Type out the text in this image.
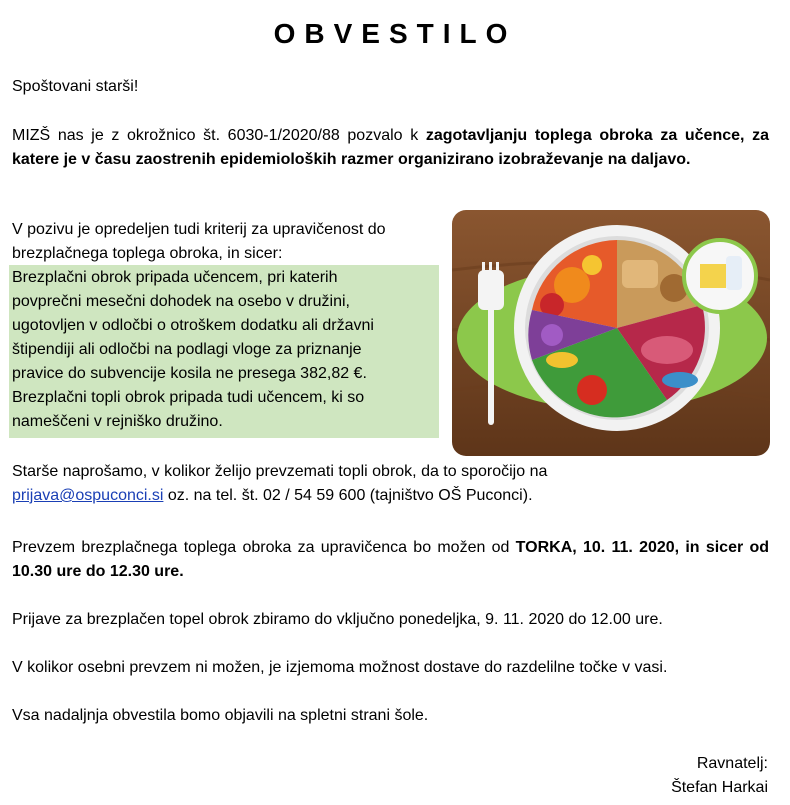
OBVESTILO

Spoštovani starši!

MIZŠ nas je z okrožnico št. 6030-1/2020/88 pozvalo k zagotavljanju toplega obroka za učence, za katere je v času zaostrenih epidemioloških razmer organizirano izobraževanje na daljavo.

V pozivu je opredeljen tudi kriterij za upravičenost do
brezplačnega toplega obroka, in sicer:
Brezplačni obrok pripada učencem, pri katerih
povprečni mesečni dohodek na osebo v družini,
ugotovljen v odločbi o otroškem dodatku ali državni
štipendiji ali odločbi na podlagi vloge za priznanje
pravice do subvencije kosila ne presega 382,82 €.
Brezplačni topli obrok pripada tudi učencem, ki so
nameščeni v rejniško družino.

Starše naprošamo, v kolikor želijo prevzemati topli obrok, da to sporočijo na

prijava@ospuconci.si oz. na tel. št. 02 / 54 59 600 (tajništvo OŠ Puconci).

Prevzem brezplačnega toplega obroka za upravičenca bo možen od TORKA, 10. 11. 2020, in sicer od 10.30 ure do 12.30 ure.

Prijave za brezplačen topel obrok zbiramo do vključno ponedeljka, 9. 11. 2020 do 12.00 ure.

V kolikor osebni prevzem ni možen, je izjemoma možnost dostave do razdelilne točke v vasi.

Vsa nadaljnja obvestila bomo objavili na spletni strani šole.

Ravnatelj:
Štefan Harkai
